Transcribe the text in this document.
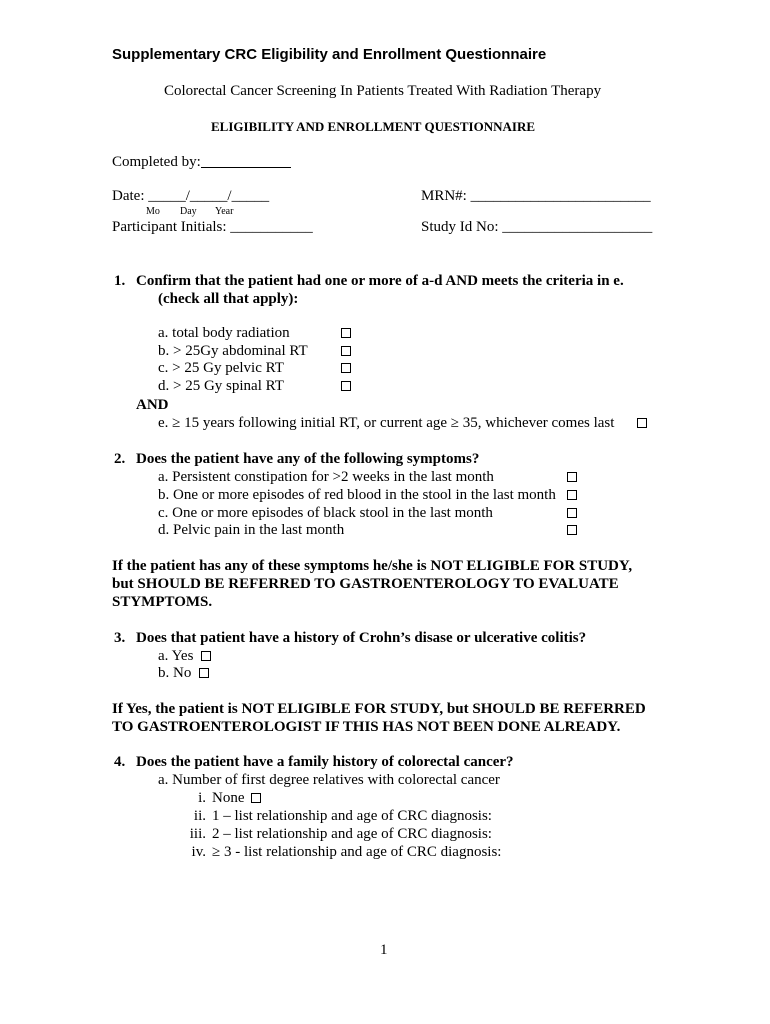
Supplementary CRC Eligibility and Enrollment Questionnaire
Colorectal Cancer Screening In Patients Treated With Radiation Therapy
ELIGIBILITY AND ENROLLMENT QUESTIONNAIRE
Completed by:
Date: _____/_____/_____
Mo Day Year
MRN#: ________________________
Participant Initials: ___________	Study Id No: ____________________
1. Confirm that the patient had one or more of a-d AND meets the criteria in e.
(check all that apply):
a. total body radiation
b. > 25Gy abdominal RT
c. > 25 Gy pelvic RT
d. > 25 Gy spinal RT
AND
e. ≥ 15 years following initial RT, or current age ≥ 35, whichever comes last
2. Does the patient have any of the following symptoms?
a. Persistent constipation for >2 weeks in the last month
b. One or more episodes of red blood in the stool in the last month
c. One or more episodes of black stool in the last month
d. Pelvic pain in the last month
If the patient has any of these symptoms he/she is NOT ELIGIBLE FOR STUDY,
but SHOULD BE REFERRED TO GASTROENTEROLOGY TO EVALUATE
STYMPTOMS.
3. Does that patient have a history of Crohn’s disase or ulcerative colitis?
a. Yes
b. No
If Yes, the patient is NOT ELIGIBLE FOR STUDY, but SHOULD BE REFERRED
TO GASTROENTEROLOGIST IF THIS HAS NOT BEEN DONE ALREADY.
4. Does the patient have a family history of colorectal cancer?
a. Number of first degree relatives with colorectal cancer
i. None
ii. 1 – list relationship and age of CRC diagnosis:
iii. 2 – list relationship and age of CRC diagnosis:
iv. ≥ 3 - list relationship and age of CRC diagnosis:
1
